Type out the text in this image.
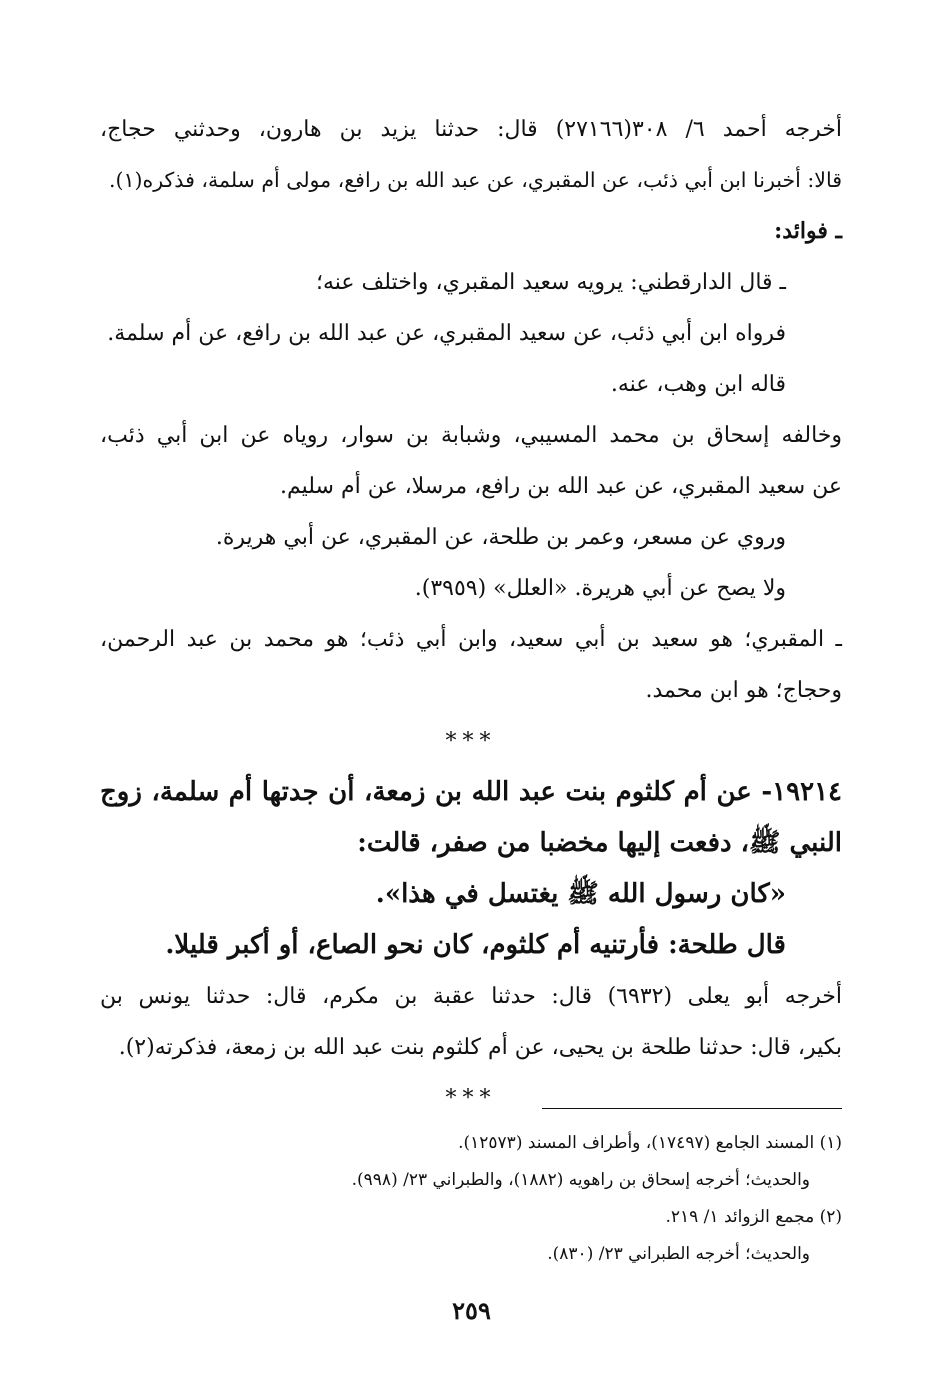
أخرجه أحمد ٦/ ٣٠٨(٢٧١٦٦) قال: حدثنا يزيد بن هارون، وحدثني حجاج،
قالا: أخبرنا ابن أبي ذئب، عن المقبري، عن عبد الله بن رافع، مولى أم سلمة، فذكره(١).
ـ فوائد:
ـ قال الدارقطني: يرويه سعيد المقبري، واختلف عنه؛
فرواه ابن أبي ذئب، عن سعيد المقبري، عن عبد الله بن رافع، عن أم سلمة.
قاله ابن وهب، عنه.
وخالفه إسحاق بن محمد المسيبي، وشبابة بن سوار، روياه عن ابن أبي ذئب،
عن سعيد المقبري، عن عبد الله بن رافع، مرسلا، عن أم سليم.
وروي عن مسعر، وعمر بن طلحة، عن المقبري، عن أبي هريرة.
ولا يصح عن أبي هريرة. «العلل» (٣٩٥٩).
ـ المقبري؛ هو سعيد بن أبي سعيد، وابن أبي ذئب؛ هو محمد بن عبد الرحمن،
وحجاج؛ هو ابن محمد.
***
١٩٢١٤- عن أم كلثوم بنت عبد الله بن زمعة، أن جدتها أم سلمة، زوج
النبي ﷺ، دفعت إليها مخضبا من صفر، قالت:
«كان رسول الله ﷺ يغتسل في هذا».
قال طلحة: فأرتنيه أم كلثوم، كان نحو الصاع، أو أكبر قليلا.
أخرجه أبو يعلى (٦٩٣٢) قال: حدثنا عقبة بن مكرم، قال: حدثنا يونس بن
بكير، قال: حدثنا طلحة بن يحيى، عن أم كلثوم بنت عبد الله بن زمعة، فذكرته(٢).
***
(١) المسند الجامع (١٧٤٩٧)، وأطراف المسند (١٢٥٧٣).
والحديث؛ أخرجه إسحاق بن راهويه (١٨٨٢)، والطبراني ٢٣/ (٩٩٨).
(٢) مجمع الزوائد ١/ ٢١٩.
والحديث؛ أخرجه الطبراني ٢٣/ (٨٣٠).
٢٥٩
